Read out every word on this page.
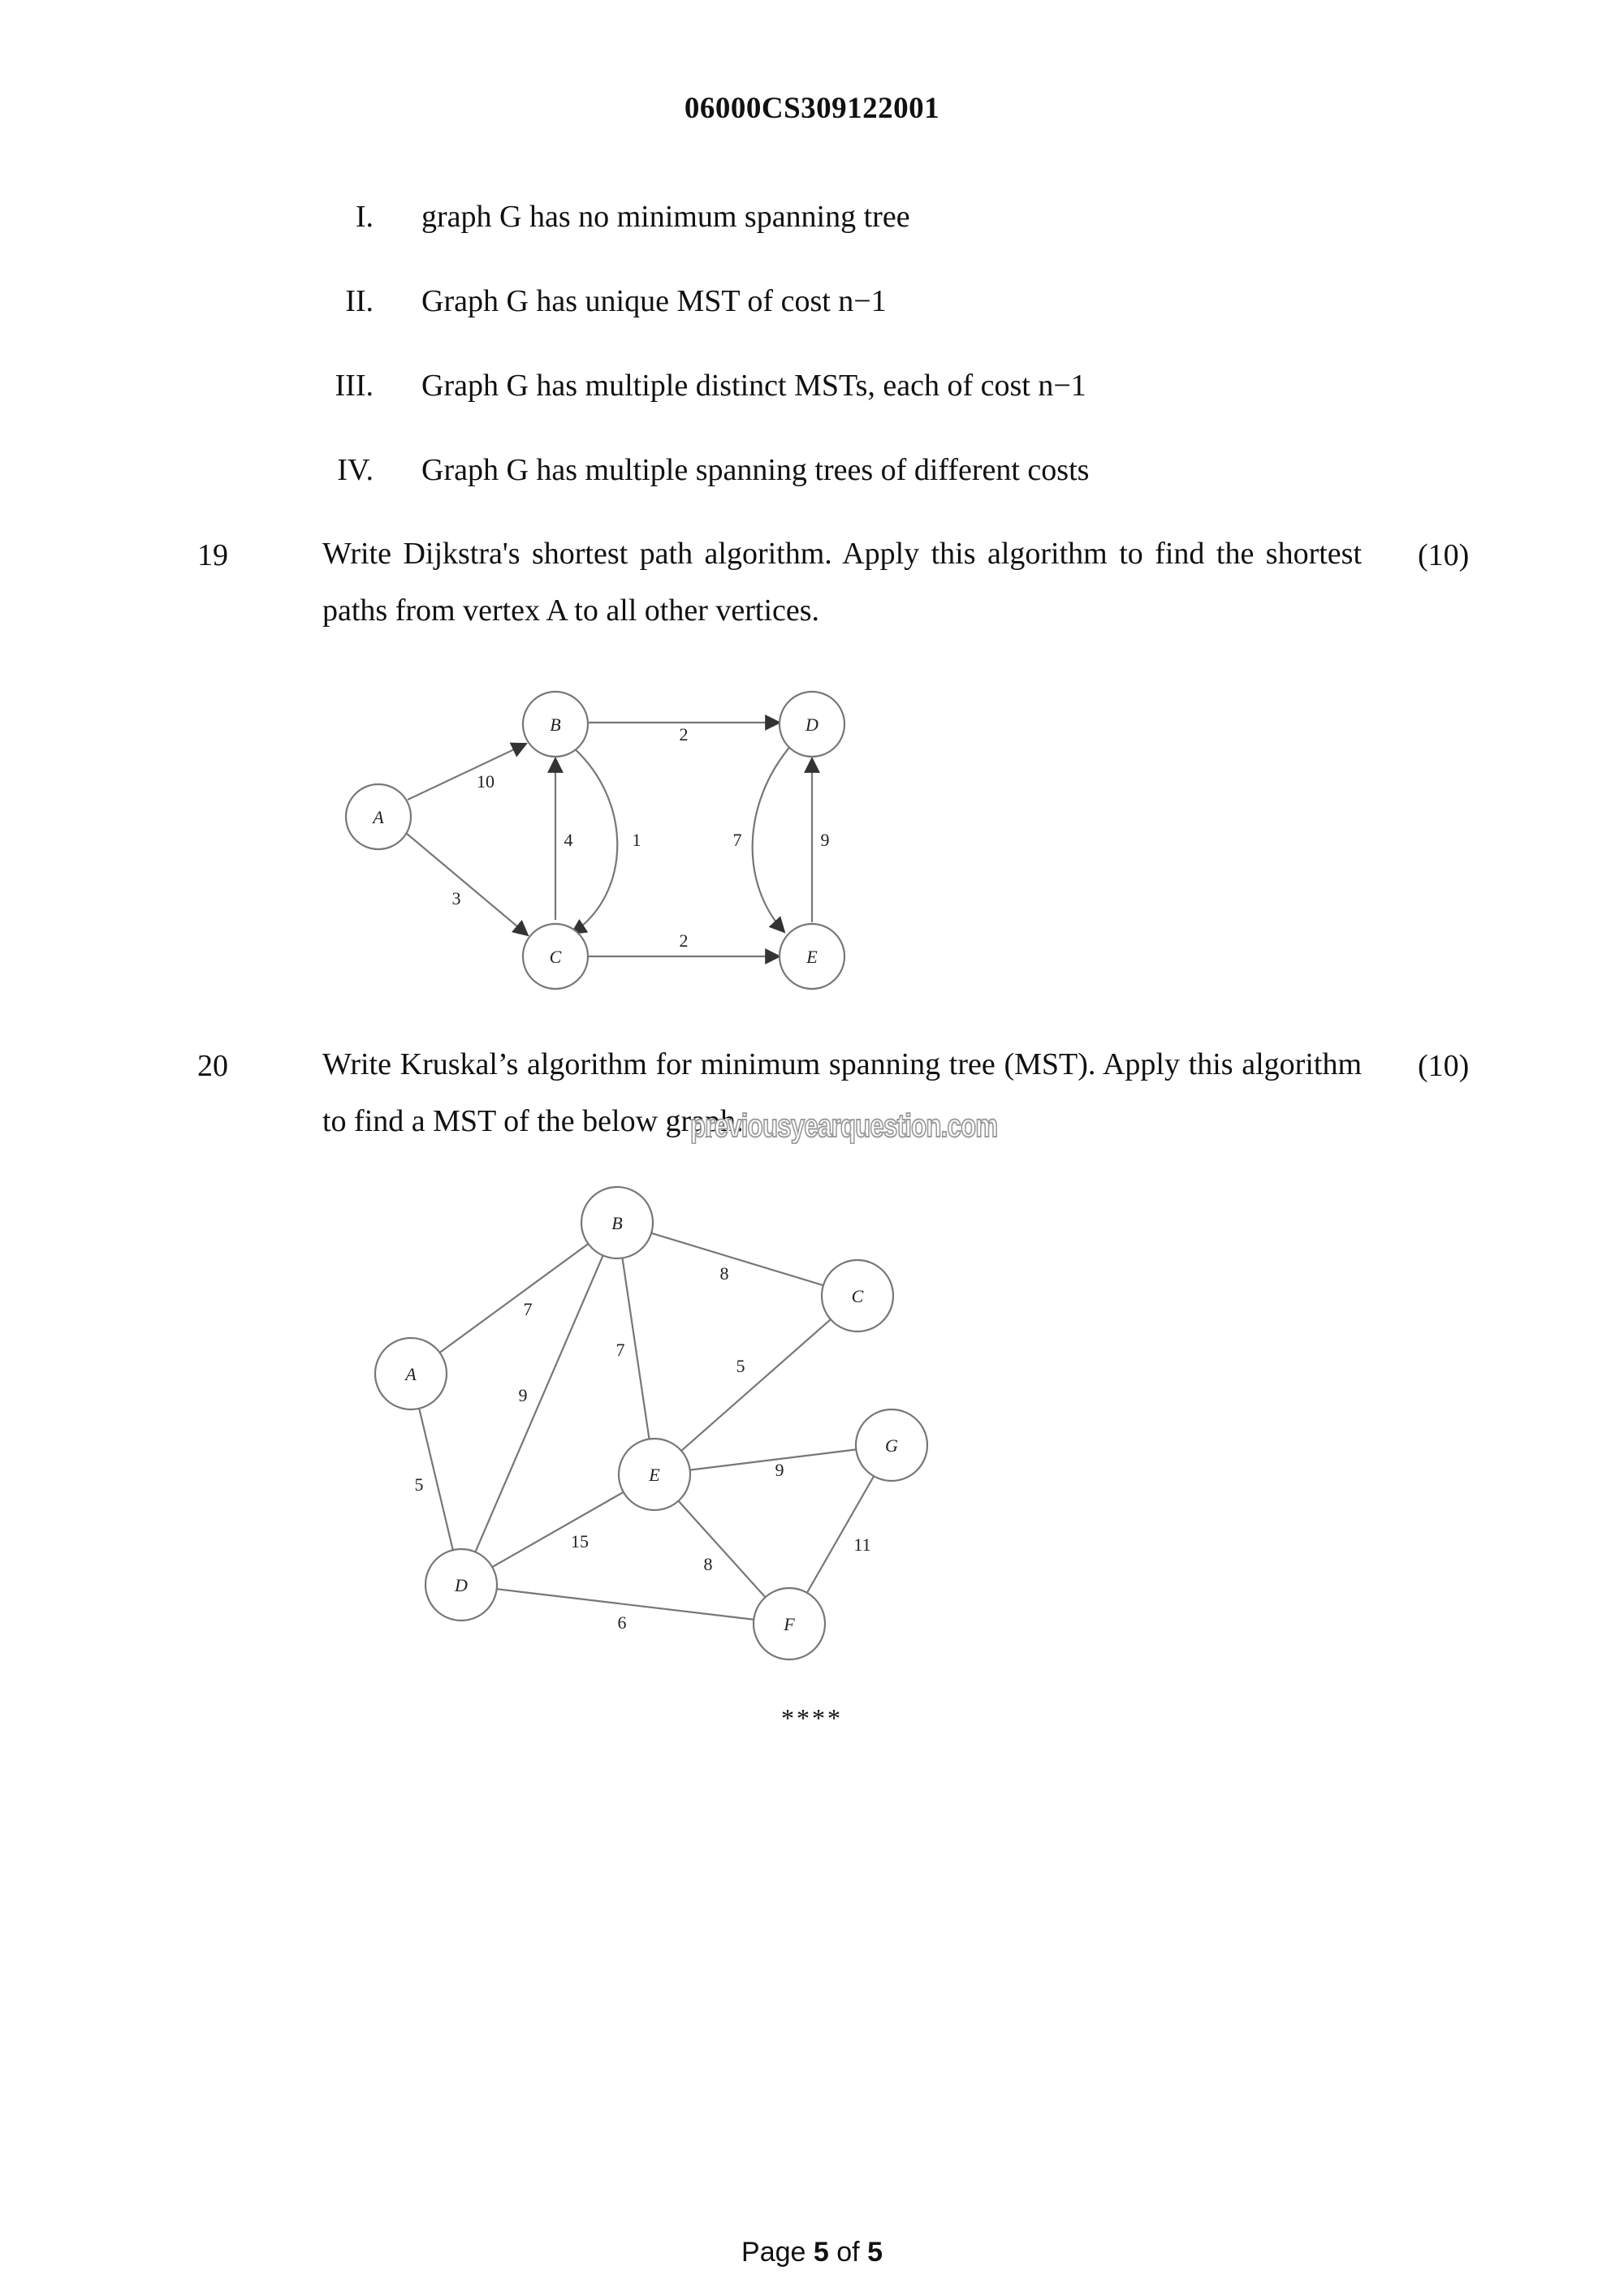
06000CS309122001
I. graph G has no minimum spanning tree
II. Graph G has unique MST of cost n−1
III. Graph G has multiple distinct MSTs, each of cost n−1
IV. Graph G has multiple spanning trees of different costs
19	Write Dijkstra's shortest path algorithm. Apply this algorithm to find the shortest paths from vertex A to all other vertices.
(10)
A
B
C
D
E
10
3
2
4	1
2
7	9
20	Write Kruskal’s algorithm for minimum spanning tree (MST). Apply this algorithm to find a MST of the below graph.
(10)
previousyearquestion.com
A
B
C
D
E
F
G
7
5
9
7
8
5
9
15
8
6
11
****
Page 5 of 5
